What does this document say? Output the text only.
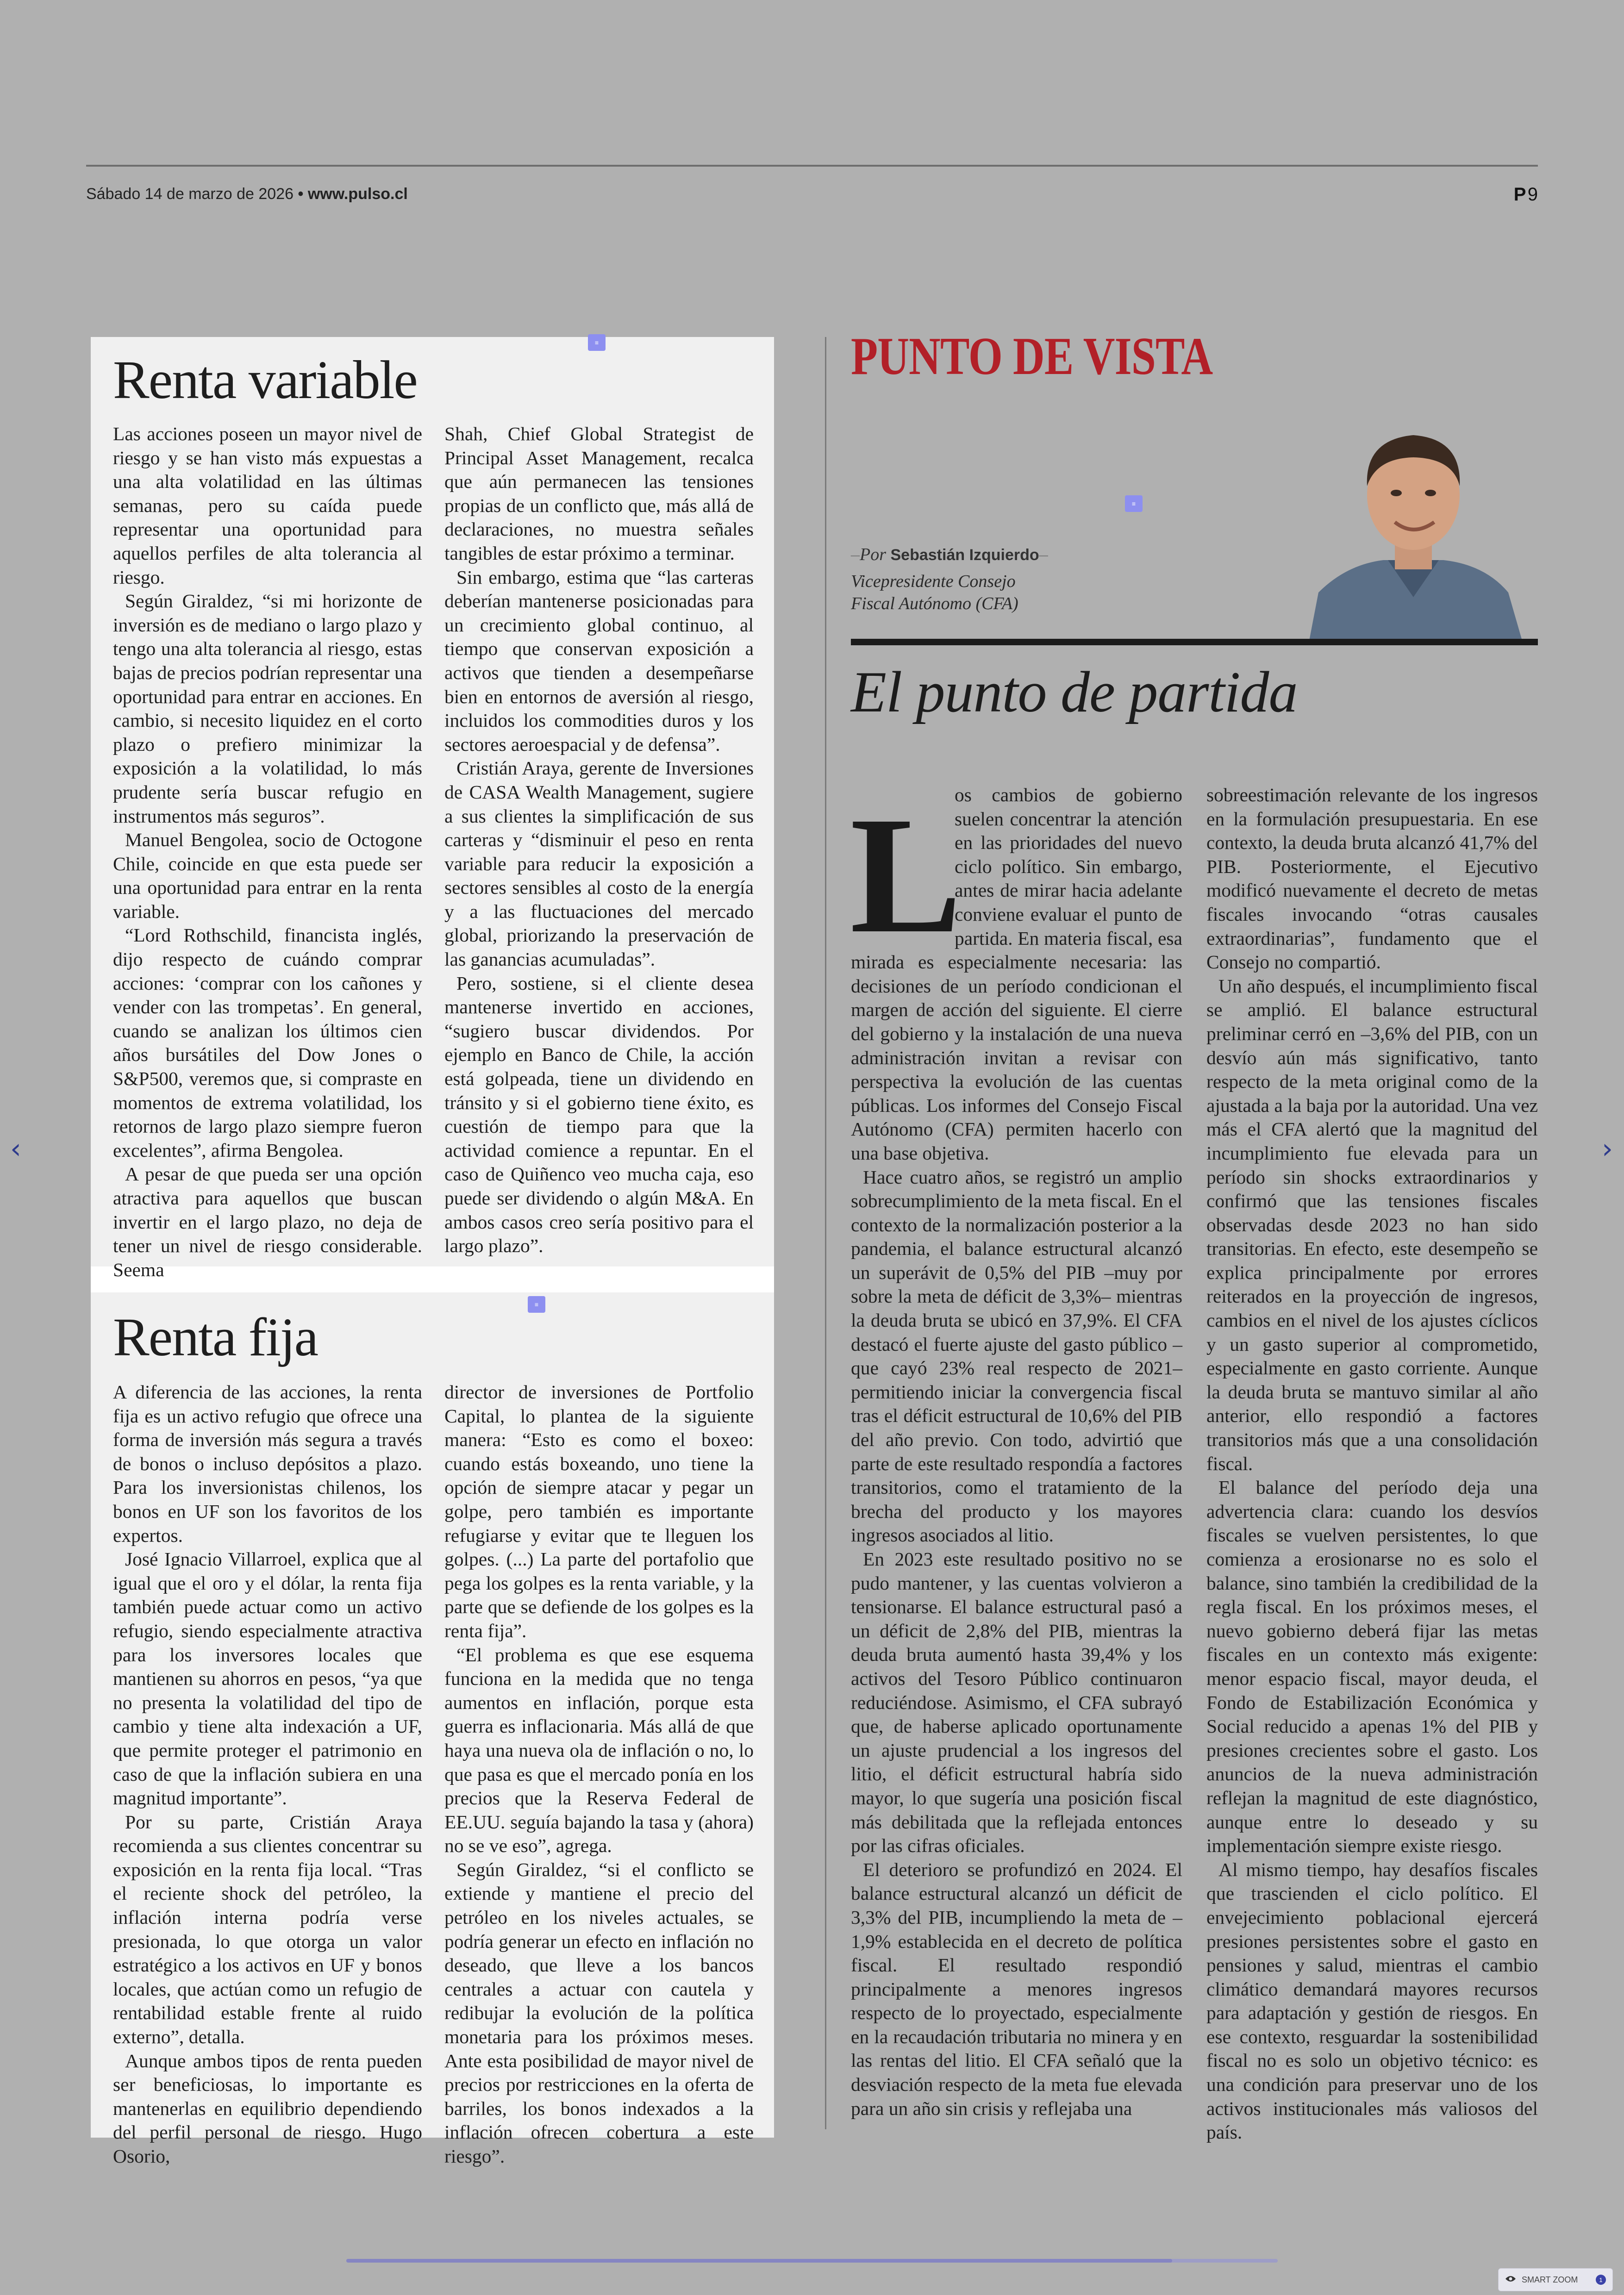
Sábado 14 de marzo de 2026 • www.pulso.cl	P 9
≡
≡
≡
Renta variable

Las acciones poseen un mayor nivel de riesgo y se han visto más expuestas a una alta volatilidad en las últimas semanas, pero su caída puede representar una oportunidad para aquellos perfiles de alta tolerancia al riesgo.

Según Giraldez, “si mi horizonte de inversión es de mediano o largo plazo y tengo una alta tolerancia al riesgo, estas bajas de precios podrían representar una oportunidad para entrar en acciones. En cambio, si necesito liquidez en el corto plazo o prefiero minimizar la exposición a la volatilidad, lo más prudente sería buscar refugio en instrumentos más seguros”.

Manuel Bengolea, socio de Octogone Chile, coincide en que esta puede ser una oportunidad para entrar en la renta variable.

“Lord Rothschild, financista inglés, dijo respecto de cuándo comprar acciones: ‘comprar con los cañones y vender con las trompetas’. En general, cuando se analizan los últimos cien años bursátiles del Dow Jones o S&P500, veremos que, si compraste en momentos de extrema volatilidad, los retornos de largo plazo siempre fueron excelentes”, afirma Bengolea.

A pesar de que pueda ser una opción atractiva para aquellos que buscan invertir en el largo plazo, no deja de tener un nivel de riesgo considerable. Seema

Shah, Chief Global Strategist de Principal Asset Management, recalca que aún permanecen las tensiones propias de un conflicto que, más allá de declaraciones, no muestra señales tangibles de estar próximo a terminar.

Sin embargo, estima que “las carteras deberían mantenerse posicionadas para un crecimiento global continuo, al tiempo que conservan exposición a activos que tienden a desempeñarse bien en entornos de aversión al riesgo, incluidos los commodities duros y los sectores aeroespacial y de defensa”.

Cristián Araya, gerente de Inversiones de CASA Wealth Management, sugiere a sus clientes la simplificación de sus carteras y “disminuir el peso en renta variable para reducir la exposición a sectores sensibles al costo de la energía y a las fluctuaciones del mercado global, priorizando la preservación de las ganancias acumuladas”.

Pero, sostiene, si el cliente desea mantenerse invertido en acciones, “sugiero buscar dividendos. Por ejemplo en Banco de Chile, la acción está golpeada, tiene un dividendo en tránsito y si el gobierno tiene éxito, es cuestión de tiempo para que la actividad comience a repuntar. En el caso de Quiñenco veo mucha caja, eso puede ser dividendo o algún M&A. En ambos casos creo sería positivo para el largo plazo”.

Renta fija

A diferencia de las acciones, la renta fija es un activo refugio que ofrece una forma de inversión más segura a través de bonos o incluso depósitos a plazo. Para los inversionistas chilenos, los bonos en UF son los favoritos de los expertos.

José Ignacio Villarroel, explica que al igual que el oro y el dólar, la renta fija también puede actuar como un activo refugio, siendo especialmente atractiva para los inversores locales que mantienen su ahorros en pesos, “ya que no presenta la volatilidad del tipo de cambio y tiene alta indexación a UF, que permite proteger el patrimonio en caso de que la inflación subiera en una magnitud importante”.

Por su parte, Cristián Araya recomienda a sus clientes concentrar su exposición en la renta fija local. “Tras el reciente shock del petróleo, la inflación interna podría verse presionada, lo que otorga un valor estratégico a los activos en UF y bonos locales, que actúan como un refugio de rentabilidad estable frente al ruido externo”, detalla.

Aunque ambos tipos de renta pueden ser beneficiosas, lo importante es mantenerlas en equilibrio dependiendo del perfil personal de riesgo. Hugo Osorio,

director de inversiones de Portfolio Capital, lo plantea de la siguiente manera: “Esto es como el boxeo: cuando estás boxeando, uno tiene la opción de siempre atacar y pegar un golpe, pero también es importante refugiarse y evitar que te lleguen los golpes. (...) La parte del portafolio que pega los golpes es la renta variable, y la parte que se defiende de los golpes es la renta fija”.

“El problema es que ese esquema funciona en la medida que no tenga aumentos en inflación, porque esta guerra es inflacionaria. Más allá de que haya una nueva ola de inflación o no, lo que pasa es que el mercado ponía en los precios que la Reserva Federal de EE.UU. seguía bajando la tasa y (ahora) no se ve eso”, agrega.

Según Giraldez, “si el conflicto se extiende y mantiene el precio del petróleo en los niveles actuales, se podría generar un efecto en inflación no deseado, que lleve a los bancos centrales a actuar con cautela y redibujar la evolución de la política monetaria para los próximos meses. Ante esta posibilidad de mayor nivel de precios por restricciones en la oferta de barriles, los bonos indexados a la inflación ofrecen cobertura a este riesgo”.

PUNTO DE VISTA
–Por Sebastián Izquierdo–
Vicepresidente Consejo
Fiscal Autónomo (CFA)
El punto de partida
L

os cambios de gobierno suelen concentrar la atención en las prioridades del nuevo ciclo político. Sin embargo, antes de mirar hacia adelante conviene evaluar el punto de partida. En materia fiscal, esa mirada es especialmente necesaria: las decisiones de un período condicionan el margen de acción del siguiente. El cierre del gobierno y la instalación de una nueva administración invitan a revisar con perspectiva la evolución de las cuentas públicas. Los informes del Consejo Fiscal Autónomo (CFA) permiten hacerlo con una base objetiva.

Hace cuatro años, se registró un amplio sobrecumplimiento de la meta fiscal. En el contexto de la normalización posterior a la pandemia, el balance estructural alcanzó un superávit de 0,5% del PIB –muy por sobre la meta de déficit de 3,3%– mientras la deuda bruta se ubicó en 37,9%. El CFA destacó el fuerte ajuste del gasto público –que cayó 23% real respecto de 2021– permitiendo iniciar la convergencia fiscal tras el déficit estructural de 10,6% del PIB del año previo. Con todo, advirtió que parte de este resultado respondía a factores transitorios, como el tratamiento de la brecha del producto y los mayores ingresos asociados al litio.

En 2023 este resultado positivo no se pudo mantener, y las cuentas volvieron a tensionarse. El balance estructural pasó a un déficit de 2,8% del PIB, mientras la deuda bruta aumentó hasta 39,4% y los activos del Tesoro Público continuaron reduciéndose. Asimismo, el CFA subrayó que, de haberse aplicado oportunamente un ajuste prudencial a los ingresos del litio, el déficit estructural habría sido mayor, lo que sugería una posición fiscal más debilitada que la reflejada entonces por las cifras oficiales.

El deterioro se profundizó en 2024. El balance estructural alcanzó un déficit de 3,3% del PIB, incumpliendo la meta de –1,9% establecida en el decreto de política fiscal. El resultado respondió principalmente a menores ingresos respecto de lo proyectado, especialmente en la recaudación tributaria no minera y en las rentas del litio. El CFA señaló que la desviación respecto de la meta fue elevada para un año sin crisis y reflejaba una

sobreestimación relevante de los ingresos en la formulación presupuestaria. En ese contexto, la deuda bruta alcanzó 41,7% del PIB. Posteriormente, el Ejecutivo modificó nuevamente el decreto de metas fiscales invocando “otras causales extraordinarias”, fundamento que el Consejo no compartió.

Un año después, el incumplimiento fiscal se amplió. El balance estructural preliminar cerró en –3,6% del PIB, con un desvío aún más significativo, tanto respecto de la meta original como de la ajustada a la baja por la autoridad. Una vez más el CFA alertó que la magnitud del incumplimiento fue elevada para un período sin shocks extraordinarios y confirmó que las tensiones fiscales observadas desde 2023 no han sido transitorias. En efecto, este desempeño se explica principalmente por errores reiterados en la proyección de ingresos, cambios en el nivel de los ajustes cíclicos y un gasto superior al comprometido, especialmente en gasto corriente. Aunque la deuda bruta se mantuvo similar al año anterior, ello respondió a factores transitorios más que a una consolidación fiscal.

El balance del período deja una advertencia clara: cuando los desvíos fiscales se vuelven persistentes, lo que comienza a erosionarse no es solo el balance, sino también la credibilidad de la regla fiscal. En los próximos meses, el nuevo gobierno deberá fijar las metas fiscales en un contexto más exigente: menor espacio fiscal, mayor deuda, el Fondo de Estabilización Económica y Social reducido a apenas 1% del PIB y presiones crecientes sobre el gasto. Los anuncios de la nueva administración reflejan la magnitud de este diagnóstico, aunque entre lo deseado y su implementación siempre existe riesgo.

Al mismo tiempo, hay desafíos fiscales que trascienden el ciclo político. El envejecimiento poblacional ejercerá presiones persistentes sobre el gasto en pensiones y salud, mientras el cambio climático demandará mayores recursos para adaptación y gestión de riesgos. En ese contexto, resguardar la sostenibilidad fiscal no es solo un objetivo técnico: es una condición para preservar uno de los activos institucionales más valiosos del país.

‹	›
SMART ZOOM	1
